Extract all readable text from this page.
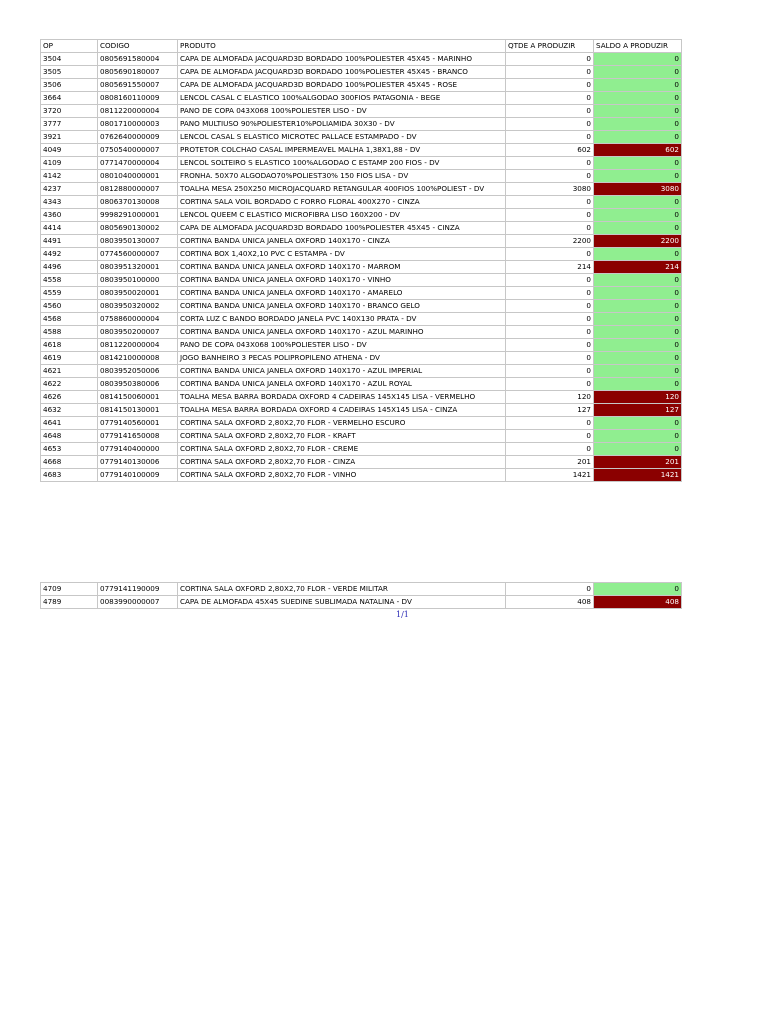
OP	CODIGO	PRODUTO	QTDE A PRODUZIR	SALDO A PRODUZIR
3504	0805691580004	CAPA DE ALMOFADA JACQUARD3D BORDADO 100%POLIESTER 45X45 - MARINHO	0	0
3505	0805690180007	CAPA DE ALMOFADA JACQUARD3D BORDADO 100%POLIESTER 45X45 - BRANCO	0	0
3506	0805691550007	CAPA DE ALMOFADA JACQUARD3D BORDADO 100%POLIESTER 45X45 - ROSE	0	0
3664	0808160110009	LENCOL CASAL C ELASTICO 100%ALGODAO 300FIOS PATAGONIA - BEGE	0	0
3720	0811220000004	PANO DE COPA 043X068 100%POLIESTER LISO - DV	0	0
3777	0801710000003	PANO MULTIUSO 90%POLIESTER10%POLIAMIDA 30X30 - DV	0	0
3921	0762640000009	LENCOL CASAL S ELASTICO MICROTEC PALLACE ESTAMPADO - DV	0	0
4049	0750540000007	PROTETOR COLCHAO CASAL IMPERMEAVEL MALHA 1,38X1,88 - DV	602	602
4109	0771470000004	LENCOL SOLTEIRO S ELASTICO 100%ALGODAO C ESTAMP 200 FIOS - DV	0	0
4142	0801040000001	FRONHA. 50X70 ALGODAO70%POLIEST30% 150 FIOS LISA - DV	0	0
4237	0812880000007	TOALHA MESA 250X250 MICROJACQUARD RETANGULAR 400FIOS 100%POLIEST - DV	3080	3080
4343	0806370130008	CORTINA SALA VOIL BORDADO C FORRO FLORAL 400X270 - CINZA	0	0
4360	9998291000001	LENCOL QUEEM C ELASTICO MICROFIBRA LISO 160X200 - DV	0	0
4414	0805690130002	CAPA DE ALMOFADA JACQUARD3D BORDADO 100%POLIESTER 45X45 - CINZA	0	0
4491	0803950130007	CORTINA BANDA UNICA JANELA OXFORD 140X170 - CINZA	2200	2200
4492	0774560000007	CORTINA BOX 1,40X2,10 PVC C ESTAMPA - DV	0	0
4496	0803951320001	CORTINA BANDA UNICA JANELA OXFORD 140X170 - MARROM	214	214
4558	0803950100000	CORTINA BANDA UNICA JANELA OXFORD 140X170 - VINHO	0	0
4559	0803950020001	CORTINA BANDA UNICA JANELA OXFORD 140X170 - AMARELO	0	0
4560	0803950320002	CORTINA BANDA UNICA JANELA OXFORD 140X170 - BRANCO GELO	0	0
4568	0758860000004	CORTA LUZ C BANDO BORDADO JANELA PVC 140X130 PRATA - DV	0	0
4588	0803950200007	CORTINA BANDA UNICA JANELA OXFORD 140X170 - AZUL MARINHO	0	0
4618	0811220000004	PANO DE COPA 043X068 100%POLIESTER LISO - DV	0	0
4619	0814210000008	JOGO BANHEIRO 3 PECAS POLIPROPILENO ATHENA - DV	0	0
4621	0803952050006	CORTINA BANDA UNICA JANELA OXFORD 140X170 - AZUL IMPERIAL	0	0
4622	0803950380006	CORTINA BANDA UNICA JANELA OXFORD 140X170 - AZUL ROYAL	0	0
4626	0814150060001	TOALHA MESA BARRA BORDADA OXFORD 4 CADEIRAS 145X145 LISA - VERMELHO	120	120
4632	0814150130001	TOALHA MESA BARRA BORDADA OXFORD 4 CADEIRAS 145X145 LISA - CINZA	127	127
4641	0779140560001	CORTINA SALA OXFORD 2,80X2,70 FLOR - VERMELHO ESCURO	0	0
4648	0779141650008	CORTINA SALA OXFORD 2,80X2,70 FLOR - KRAFT	0	0
4653	0779140400000	CORTINA SALA OXFORD 2,80X2,70 FLOR - CREME	0	0
4668	0779140130006	CORTINA SALA OXFORD 2,80X2,70 FLOR - CINZA	201	201
4683	0779140100009	CORTINA SALA OXFORD 2,80X2,70 FLOR - VINHO	1421	1421
4709	0779141190009	CORTINA SALA OXFORD 2,80X2,70 FLOR - VERDE MILITAR	0	0
4789	0083990000007	CAPA DE ALMOFADA 45X45 SUEDINE SUBLIMADA NATALINA - DV	408	408
1/1
